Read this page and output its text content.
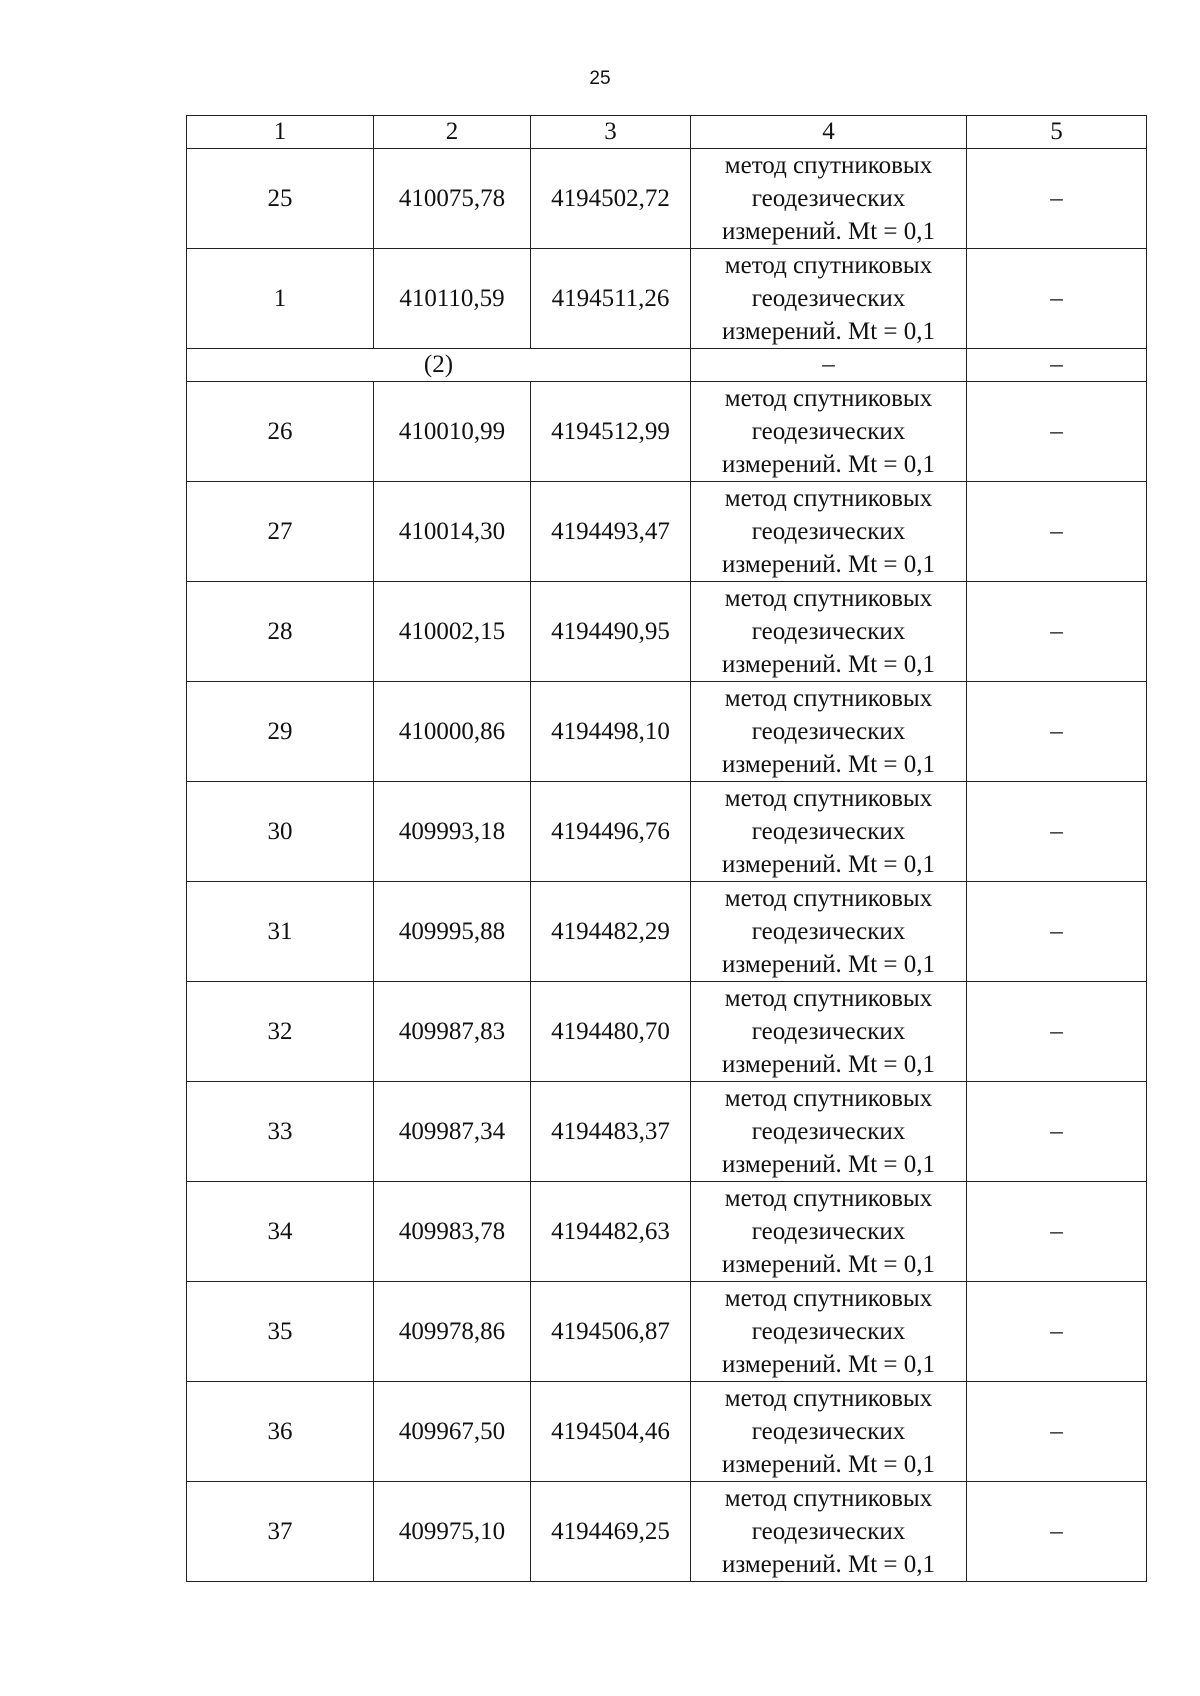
25
1	2	3	4	5
25	410075,78	4194502,72	метод спутниковых
геодезических
измерений. Mt = 0,1	–
1	410110,59	4194511,26	метод спутниковых
геодезических
измерений. Mt = 0,1	–
(2)			–	–
26	410010,99	4194512,99	метод спутниковых
геодезических
измерений. Mt = 0,1	–
27	410014,30	4194493,47	метод спутниковых
геодезических
измерений. Mt = 0,1	–
28	410002,15	4194490,95	метод спутниковых
геодезических
измерений. Mt = 0,1	–
29	410000,86	4194498,10	метод спутниковых
геодезических
измерений. Mt = 0,1	–
30	409993,18	4194496,76	метод спутниковых
геодезических
измерений. Mt = 0,1	–
31	409995,88	4194482,29	метод спутниковых
геодезических
измерений. Mt = 0,1	–
32	409987,83	4194480,70	метод спутниковых
геодезических
измерений. Mt = 0,1	–
33	409987,34	4194483,37	метод спутниковых
геодезических
измерений. Mt = 0,1	–
34	409983,78	4194482,63	метод спутниковых
геодезических
измерений. Mt = 0,1	–
35	409978,86	4194506,87	метод спутниковых
геодезических
измерений. Mt = 0,1	–
36	409967,50	4194504,46	метод спутниковых
геодезических
измерений. Mt = 0,1	–
37	409975,10	4194469,25	метод спутниковых
геодезических
измерений. Mt = 0,1	–
